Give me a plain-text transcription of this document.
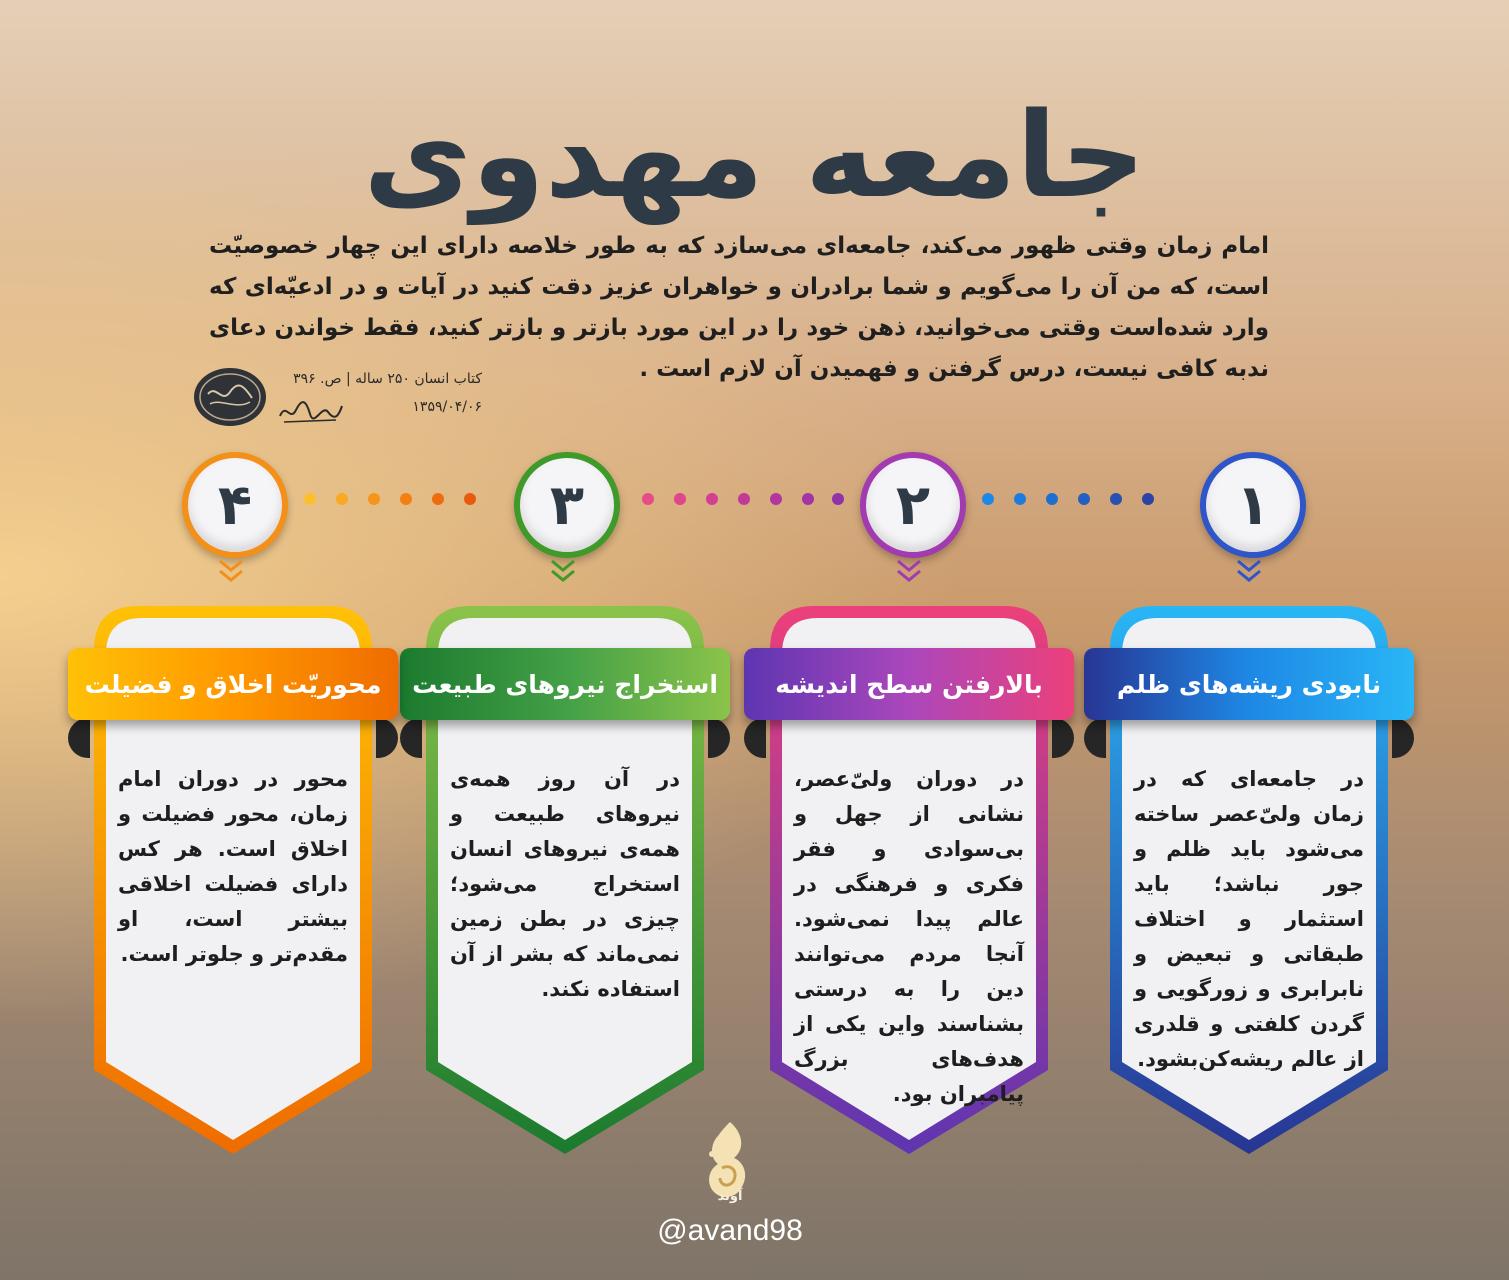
جامعه مهدوی
امام زمان وقتی ظهور می‌کند، جامعه‌ای می‌سازد که به طور خلاصه دارای این چهار خصوصیّت است، که من آن را می‌گویم و شما برادران و خواهران عزیز دقت کنید در آیات و در ادعیّه‌ای که وارد شده‌است وقتی می‌خوانید، ذهن خود را در این مورد بازتر و بازتر کنید، فقط خواندن دعای ندبه کافی نیست، درس گرفتن و فهمیدن آن لازم است .
کتاب انسان ۲۵۰ ساله | ص. ۳۹۶
۱۳۵۹/۰۴/۰۶
۱
۲
۳
۴
نابودی ریشه‌های ظلم
در جامعه‌ای که در زمان ولیّ‌عصر ساخته می‌شود باید ظلم و جور نباشد؛ باید استثمار و اختلاف طبقاتی و تبعیض و نابرابری و زورگویی و گردن کلفتی و قلدری از عالم ریشه‌کن‌بشود.
بالارفتن سطح اندیشه
در دوران ولیّ‌عصر، نشانی از جهل و بی‌سوادی و فقر فکری و فرهنگی در عالم پیدا نمی‌شود. آنجا مردم می‌توانند دین را به درستی بشناسند واین یکی از هدف‌های بزرگ پیامبران بود.
استخراج نیروهای طبیعت
در آن روز همه‌ی نیروهای طبیعت و همه‌ی نیروهای انسان استخراج می‌شود؛ چیزی در بطن زمین نمی‌ماند که بشر از آن استفاده نکند.
محوریّت اخلاق و فضیلت
محور در دوران امام زمان، محور فضیلت و اخلاق است. هر کس دارای فضیلت اخلاقی بیشتر است، او مقدم‌تر و جلوتر است.
آوند
@avand98
